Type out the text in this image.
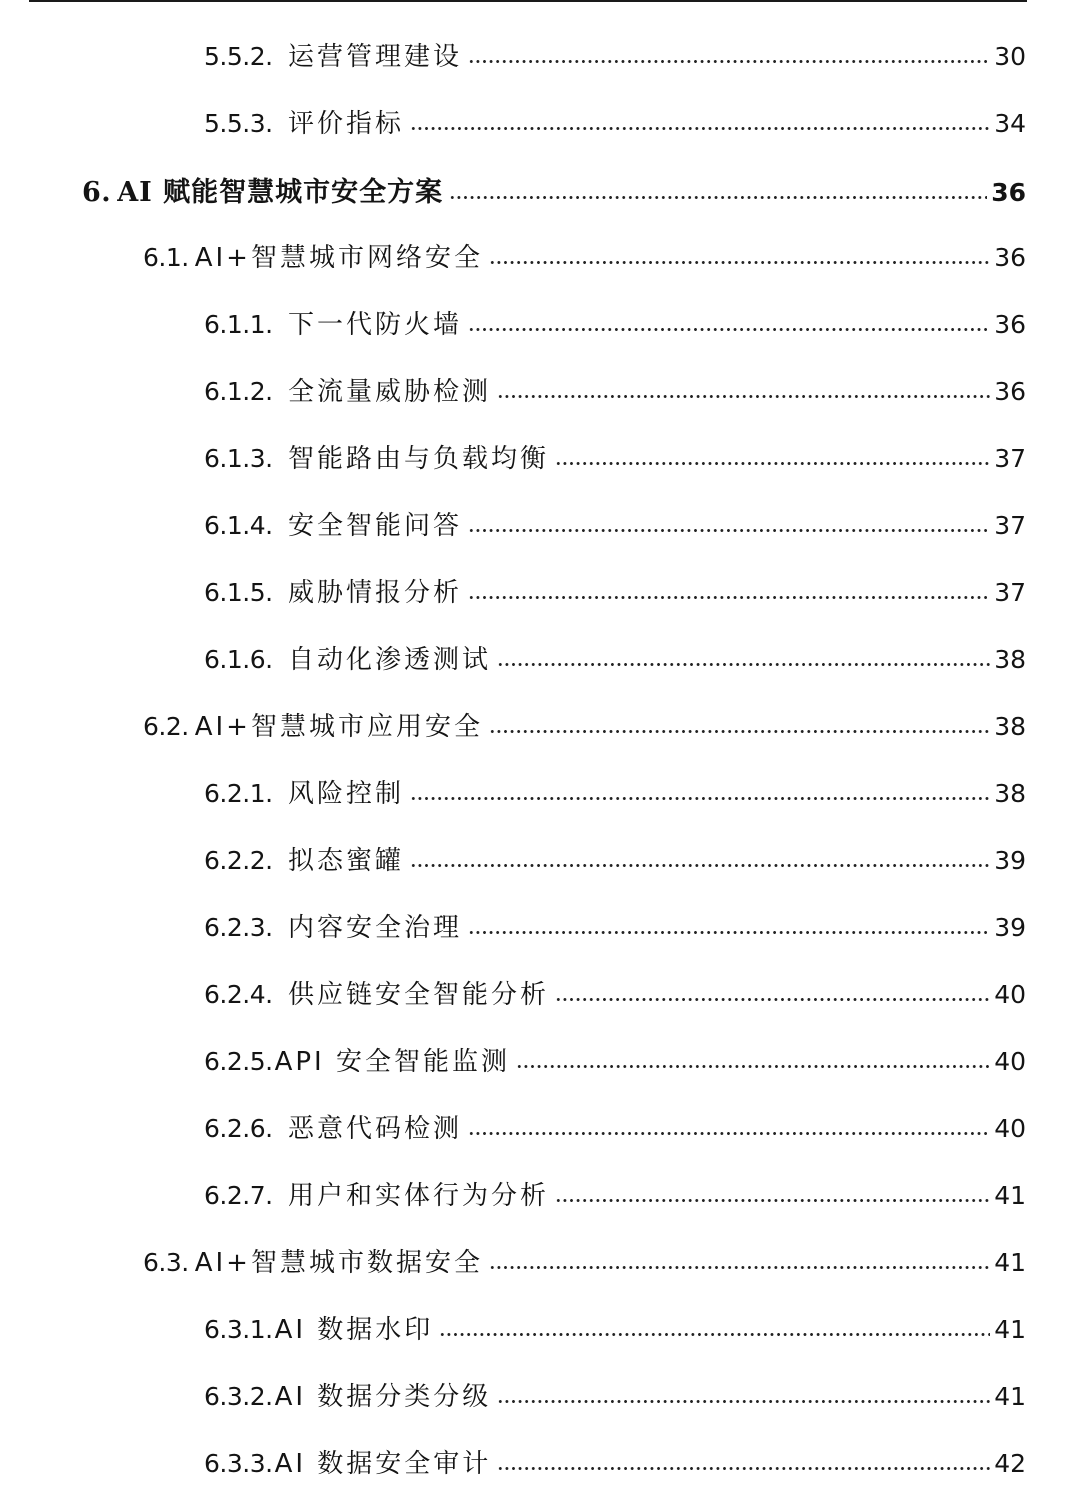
5.5.2. 运营管理建设	30
5.5.3. 评价指标	34
6. AI 赋能智慧城市安全方案	36
6.1. AI+智慧城市网络安全	36
6.1.1. 下一代防火墙	36
6.1.2. 全流量威胁检测	36
6.1.3. 智能路由与负载均衡	37
6.1.4. 安全智能问答	37
6.1.5. 威胁情报分析	37
6.1.6. 自动化渗透测试	38
6.2. AI+智慧城市应用安全	38
6.2.1. 风险控制	38
6.2.2. 拟态蜜罐	39
6.2.3. 内容安全治理	39
6.2.4. 供应链安全智能分析	40
6.2.5. API 安全智能监测	40
6.2.6. 恶意代码检测	40
6.2.7. 用户和实体行为分析	41
6.3. AI+智慧城市数据安全	41
6.3.1. AI 数据水印	41
6.3.2. AI 数据分类分级	41
6.3.3. AI 数据安全审计	42
